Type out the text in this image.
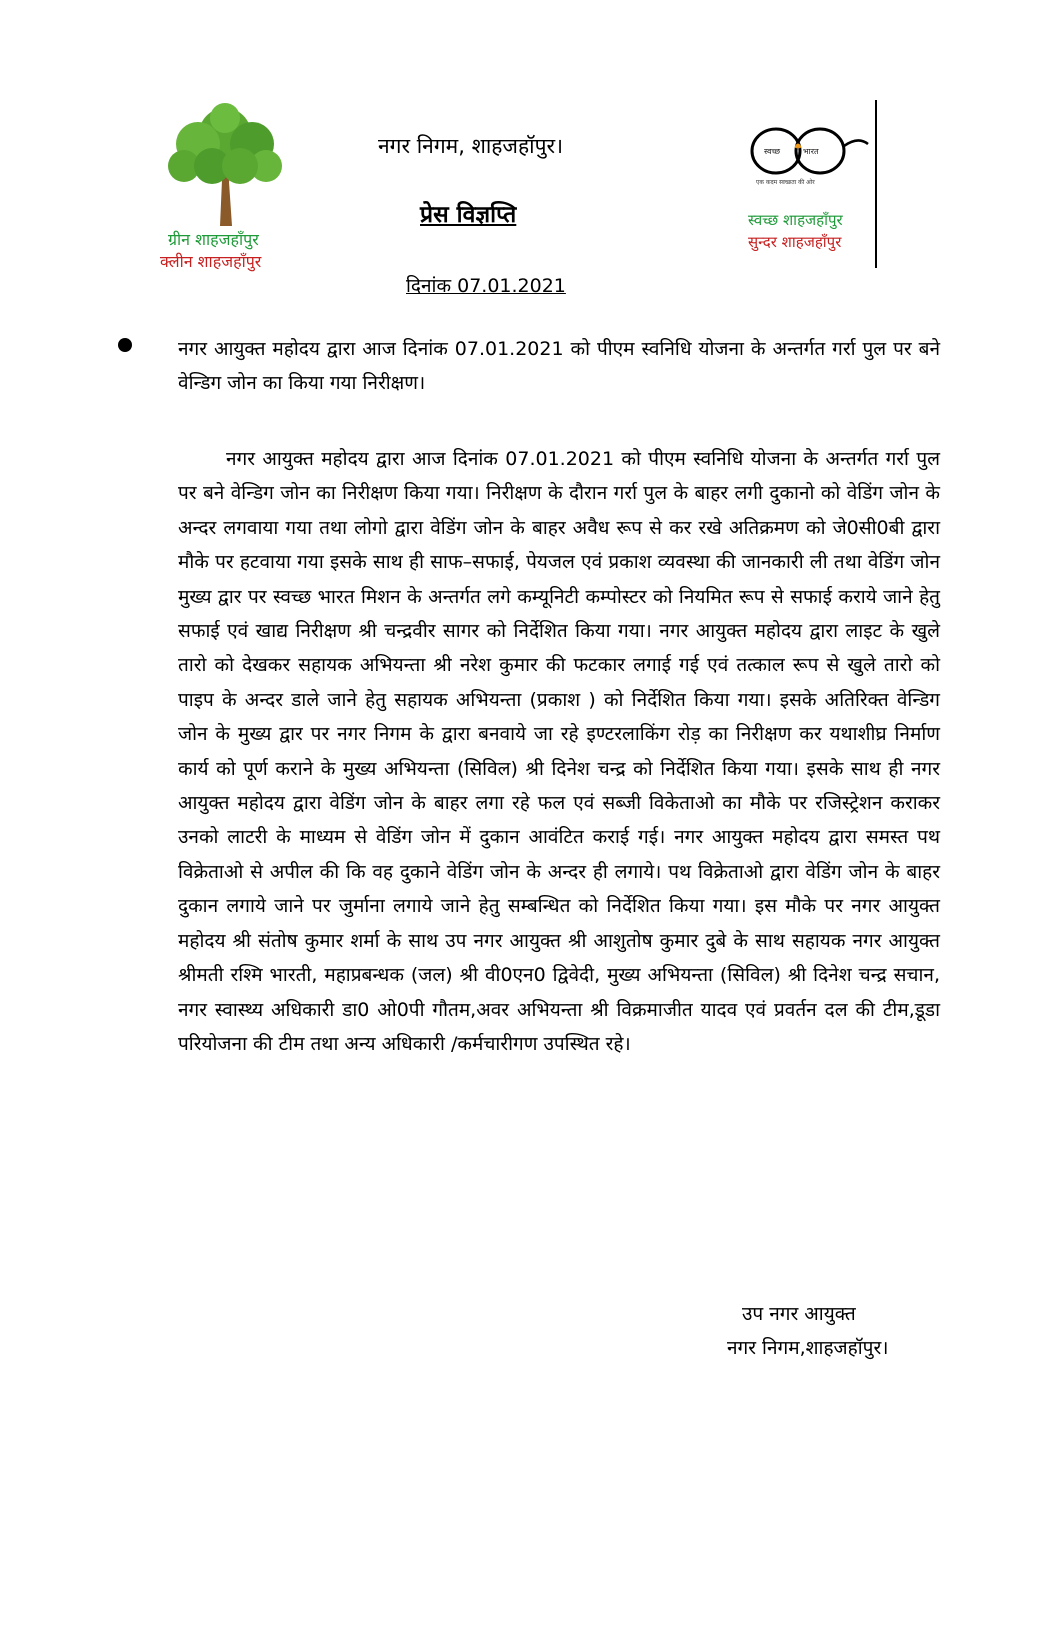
ग्रीन शाहजहाँपुर
क्लीन शाहजहाँपुर
नगर निगम, शाहजहॉपुर।
प्रेस विज्ञप्ति
दिनांक 07.01.2021
स्वच्छ	भारत
एक कदम स्वच्छता की ओर
स्वच्छ शाहजहाँपुर
सुन्दर शाहजहाँपुर
नगर आयुक्त महोदय द्वारा आज दिनांक 07.01.2021 को पीएम स्वनिधि योजना के अन्तर्गत गर्रा पुल पर बने वेन्डिग जोन का किया गया निरीक्षण।
नगर आयुक्त महोदय द्वारा आज दिनांक 07.01.2021 को पीएम स्वनिधि योजना के अन्तर्गत गर्रा पुल पर बने वेन्डिग जोन का निरीक्षण किया गया। निरीक्षण के दौरान गर्रा पुल के बाहर लगी दुकानो को वेडिंग जोन के अन्दर लगवाया गया तथा लोगो द्वारा वेडिंग जोन के बाहर अवैध रूप से कर रखे अतिक्रमण को जे0सी0बी द्वारा मौके पर हटवाया गया इसके साथ ही साफ–सफाई, पेयजल एवं प्रकाश व्यवस्था की जानकारी ली तथा वेडिंग जोन मुख्य द्वार पर स्वच्छ भारत मिशन के अन्तर्गत लगे कम्यूनिटी कम्पोस्टर को नियमित रूप से सफाई कराये जाने हेतु सफाई एवं खाद्य निरीक्षण श्री चन्द्रवीर सागर को निर्देशित किया गया। नगर आयुक्त महोदय द्वारा लाइट के खुले तारो को देखकर सहायक अभियन्ता श्री नरेश कुमार की फटकार लगाई गई एवं तत्काल रूप से खुले तारो को पाइप के अन्दर डाले जाने हेतु सहायक अभियन्ता (प्रकाश ) को निर्देशित किया गया। इसके अतिरिक्त वेन्डिग जोन के मुख्य द्वार पर नगर निगम के द्वारा बनवाये जा रहे इण्टरलाकिंग रोड़ का निरीक्षण कर यथाशीघ्र निर्माण कार्य को पूर्ण कराने के मुख्य अभियन्ता (सिविल) श्री दिनेश चन्द्र को निर्देशित किया गया। इसके साथ ही नगर आयुक्त महोदय द्वारा वेडिंग जोन के बाहर लगा रहे फल एवं सब्जी विकेताओ का मौके पर रजिस्ट्रेशन कराकर उनको लाटरी के माध्यम से वेडिंग जोन में दुकान आवंटित कराई गई। नगर आयुक्त महोदय द्वारा समस्त पथ विक्रेताओ से अपील की कि वह दुकाने वेडिंग जोन के अन्दर ही लगाये। पथ विक्रेताओ द्वारा वेडिंग जोन के बाहर दुकान लगाये जाने पर जुर्माना लगाये जाने हेतु सम्बन्धित को निर्देशित किया गया। इस मौके पर नगर आयुक्त महोदय श्री संतोष कुमार शर्मा के साथ उप नगर आयुक्त श्री आशुतोष कुमार दुबे के साथ सहायक नगर आयुक्त श्रीमती रश्मि भारती, महाप्रबन्धक (जल) श्री वी0एन0 द्विवेदी, मुख्य अभियन्ता (सिविल) श्री दिनेश चन्द्र सचान, नगर स्वास्थ्य अधिकारी डा0 ओ0पी गौतम,अवर अभियन्ता श्री विक्रमाजीत यादव एवं प्रवर्तन दल की टीम,डूडा परियोजना की टीम तथा अन्य अधिकारी /कर्मचारीगण उपस्थित रहे।
उप नगर आयुक्त
नगर निगम,शाहजहॉपुर।
